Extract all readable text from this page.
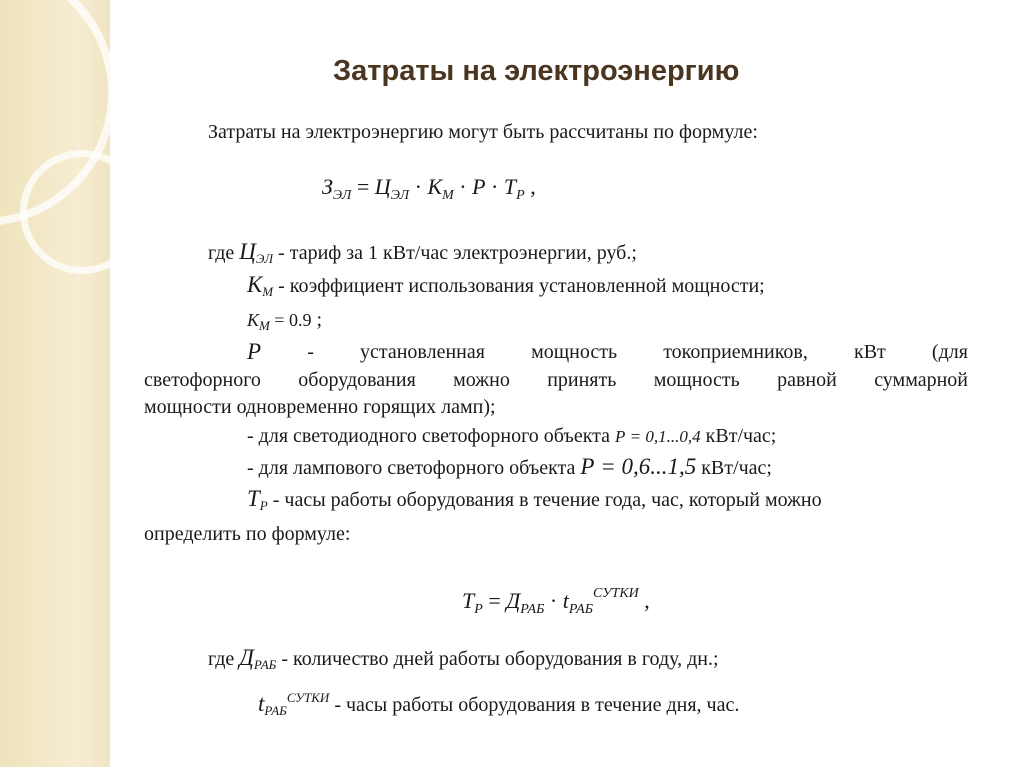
Затраты на электроэнергию
Затраты на электроэнергию могут быть рассчитаны по формуле:
$З_{ЭЛ} = Ц_{ЭЛ} \cdot К_М \cdot Р \cdot Т_Р$ ,
где $Ц_{ЭЛ}$ - тариф за 1 кВт/час электроэнергии, руб.;
$К_М$ - коэффициент использования установленной мощности;
$К_М = 0.9$ ;
Р - установленная мощность токоприемников, кВт (для
светофорного оборудования можно принять мощность равной суммарной
мощности одновременно горящих ламп);
- для светодиодного светофорного объекта Р = 0,1...0,4 кВт/час;
- для лампового светофорного объекта Р = 0,6...1,5 кВт/час;
$Т_Р$ - часы работы оборудования в течение года, час, который можно
определить по формуле:
$Т_Р = Д_{РАБ} \cdot t_{РАБ}^{СУТКИ}$ ,
где $Д_{РАБ}$ - количество дней работы оборудования в году, дн.;
$t_{РАБ}^{СУТКИ}$ - часы работы оборудования в течение дня, час.
